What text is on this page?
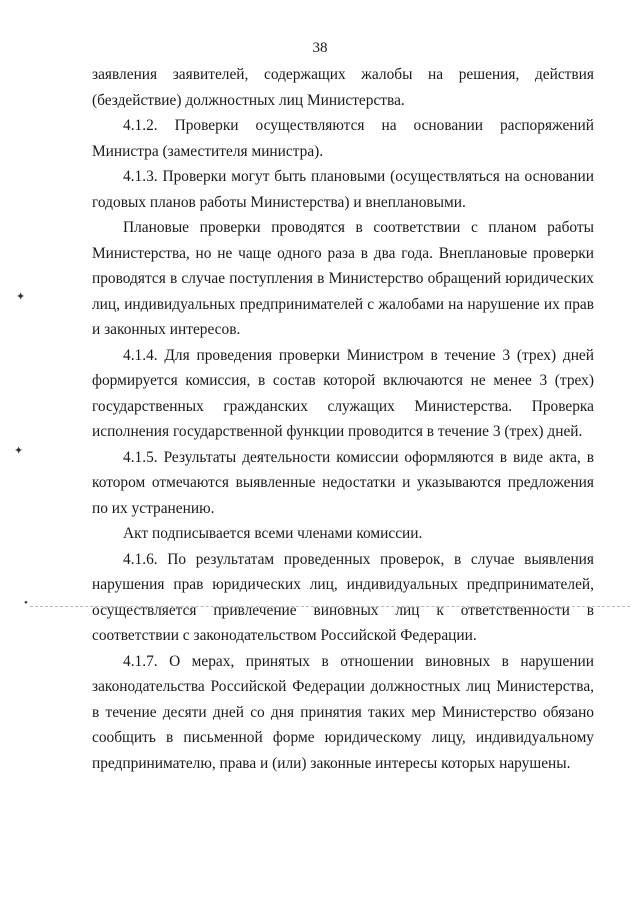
38

заявления заявителей, содержащих жалобы на решения, действия (бездействие) должностных лиц Министерства.

4.1.2. Проверки осуществляются на основании распоряжений Министра (заместителя министра).

4.1.3. Проверки могут быть плановыми (осуществляться на основании годовых планов работы Министерства) и внеплановыми.

Плановые проверки проводятся в соответствии с планом работы Министерства, но не чаще одного раза в два года. Внеплановые проверки проводятся в случае поступления в Министерство обращений юридических лиц, индивидуальных предпринимателей с жалобами на нарушение их прав и законных интересов.

4.1.4. Для проведения проверки Министром в течение 3 (трех) дней формируется комиссия, в состав которой включаются не менее 3 (трех) государственных гражданских служащих Министерства. Проверка исполнения государственной функции проводится в течение 3 (трех) дней.

4.1.5. Результаты деятельности комиссии оформляются в виде акта, в котором отмечаются выявленные недостатки и указываются предложения по их устранению.

Акт подписывается всеми членами комиссии.

4.1.6. По результатам проведенных проверок, в случае выявления нарушения прав юридических лиц, индивидуальных предпринимателей, осуществляется привлечение виновных лиц к ответственности в соответствии с законодательством Российской Федерации.

4.1.7. О мерах, принятых в отношении виновных в нарушении законодательства Российской Федерации должностных лиц Министерства, в течение десяти дней со дня принятия таких мер Министерство обязано сообщить в письменной форме юридическому лицу, индивидуальному предпринимателю, права и (или) законные интересы которых нарушены.

✦
✦
•
